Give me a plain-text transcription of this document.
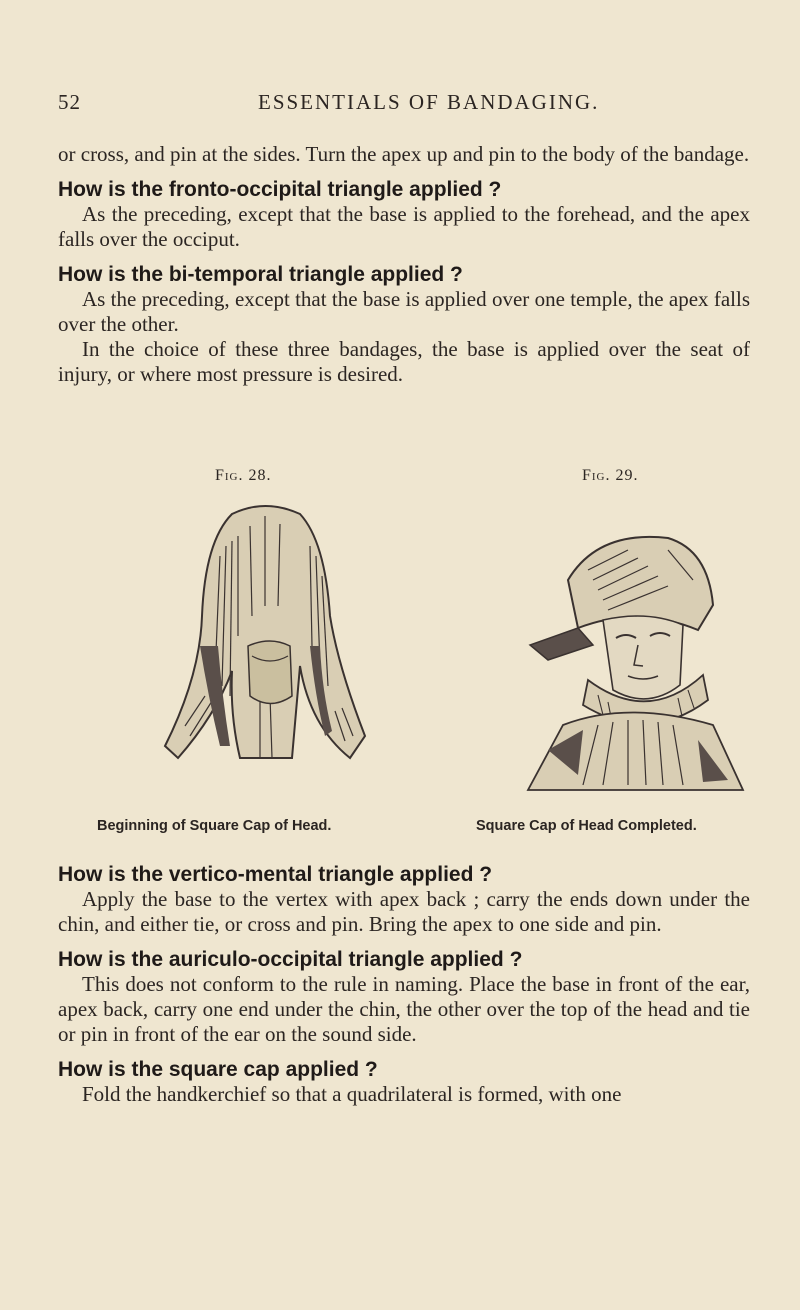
52	ESSENTIALS OF BANDAGING.

or cross, and pin at the sides. Turn the apex up and pin to the body of the bandage.

How is the fronto-occipital triangle applied ?

As the preceding, except that the base is applied to the forehead, and the apex falls over the occiput.

How is the bi-temporal triangle applied ?

As the preceding, except that the base is applied over one temple, the apex falls over the other.

In the choice of these three bandages, the base is applied over the seat of injury, or where most pressure is desired.

Fig. 28.	Fig. 29.
Beginning of Square Cap of Head.	Square Cap of Head Completed.

How is the vertico-mental triangle applied ?

Apply the base to the vertex with apex back ; carry the ends down under the chin, and either tie, or cross and pin. Bring the apex to one side and pin.

How is the auriculo-occipital triangle applied ?

This does not conform to the rule in naming. Place the base in front of the ear, apex back, carry one end under the chin, the other over the top of the head and tie or pin in front of the ear on the sound side.

How is the square cap applied ?

Fold the handkerchief so that a quadrilateral is formed, with one
